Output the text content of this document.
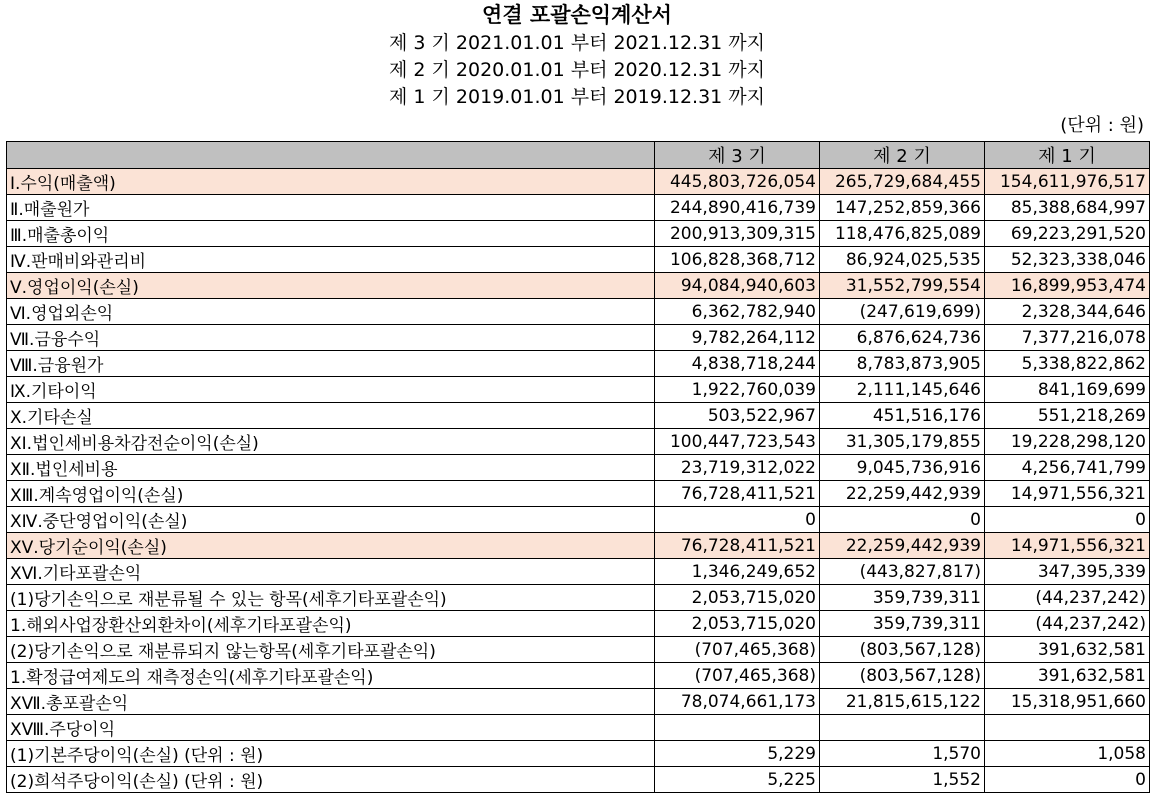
연결 포괄손익계산서
제 3 기 2021.01.01 부터 2021.12.31 까지
제 2 기 2020.01.01 부터 2020.12.31 까지
제 1 기 2019.01.01 부터 2019.12.31 까지
(단위 : 원)
	제 3 기	제 2 기	제 1 기
Ⅰ.수익(매출액)	445,803,726,054	265,729,684,455	154,611,976,517
Ⅱ.매출원가	244,890,416,739	147,252,859,366	85,388,684,997
Ⅲ.매출총이익	200,913,309,315	118,476,825,089	69,223,291,520
Ⅳ.판매비와관리비	106,828,368,712	86,924,025,535	52,323,338,046
Ⅴ.영업이익(손실)	94,084,940,603	31,552,799,554	16,899,953,474
Ⅵ.영업외손익	6,362,782,940	(247,619,699)	2,328,344,646
Ⅶ.금융수익	9,782,264,112	6,876,624,736	7,377,216,078
Ⅷ.금융원가	4,838,718,244	8,783,873,905	5,338,822,862
Ⅸ.기타이익	1,922,760,039	2,111,145,646	841,169,699
Ⅹ.기타손실	503,522,967	451,516,176	551,218,269
ⅩⅠ.법인세비용차감전순이익(손실)	100,447,723,543	31,305,179,855	19,228,298,120
ⅩⅡ.법인세비용	23,719,312,022	9,045,736,916	4,256,741,799
ⅩⅢ.계속영업이익(손실)	76,728,411,521	22,259,442,939	14,971,556,321
ⅩⅣ.중단영업이익(손실)	0	0	0
ⅩⅤ.당기순이익(손실)	76,728,411,521	22,259,442,939	14,971,556,321
ⅩⅥ.기타포괄손익	1,346,249,652	(443,827,817)	347,395,339
(1)당기손익으로 재분류될 수 있는 항목(세후기타포괄손익)	2,053,715,020	359,739,311	(44,237,242)
1.해외사업장환산외환차이(세후기타포괄손익)	2,053,715,020	359,739,311	(44,237,242)
(2)당기손익으로 재분류되지 않는항목(세후기타포괄손익)	(707,465,368)	(803,567,128)	391,632,581
1.확정급여제도의 재측정손익(세후기타포괄손익)	(707,465,368)	(803,567,128)	391,632,581
ⅩⅦ.총포괄손익	78,074,661,173	21,815,615,122	15,318,951,660
ⅩⅧ.주당이익			
(1)기본주당이익(손실) (단위 : 원)	5,229	1,570	1,058
(2)희석주당이익(손실) (단위 : 원)	5,225	1,552	0
